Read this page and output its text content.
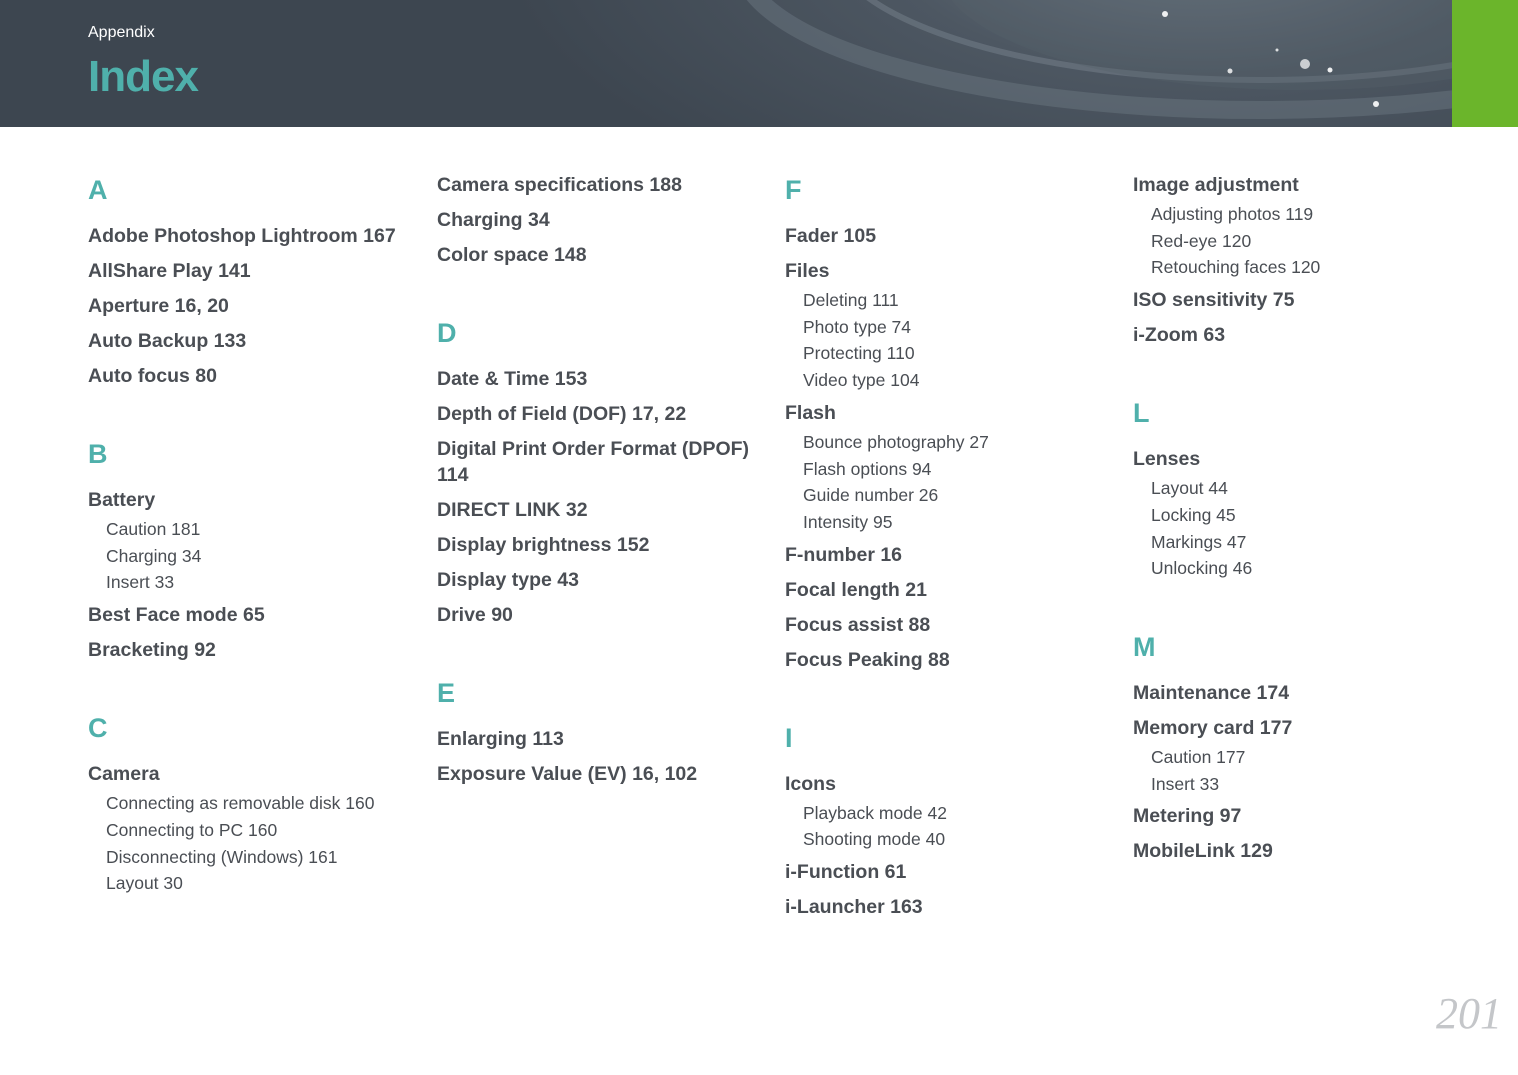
Appendix
Index
A
Adobe Photoshop Lightroom 167
AllShare Play 141
Aperture 16, 20
Auto Backup 133
Auto focus 80
B
Battery
Caution 181
Charging 34
Insert 33
Best Face mode 65
Bracketing 92
C
Camera
Connecting as removable disk 160
Connecting to PC 160
Disconnecting (Windows) 161
Layout 30
Camera specifications 188
Charging 34
Color space 148
D
Date & Time 153
Depth of Field (DOF) 17, 22
Digital Print Order Format (DPOF) 114
DIRECT LINK 32
Display brightness 152
Display type 43
Drive 90
E
Enlarging 113
Exposure Value (EV) 16, 102
F
Fader 105
Files
Deleting 111
Photo type 74
Protecting 110
Video type 104
Flash
Bounce photography 27
Flash options 94
Guide number 26
Intensity 95
F-number 16
Focal length 21
Focus assist 88
Focus Peaking 88
I
Icons
Playback mode 42
Shooting mode 40
i-Function 61
i-Launcher 163
Image adjustment
Adjusting photos 119
Red-eye 120
Retouching faces 120
ISO sensitivity 75
i-Zoom 63
L
Lenses
Layout 44
Locking 45
Markings 47
Unlocking 46
M
Maintenance 174
Memory card 177
Caution 177
Insert 33
Metering 97
MobileLink 129
201
